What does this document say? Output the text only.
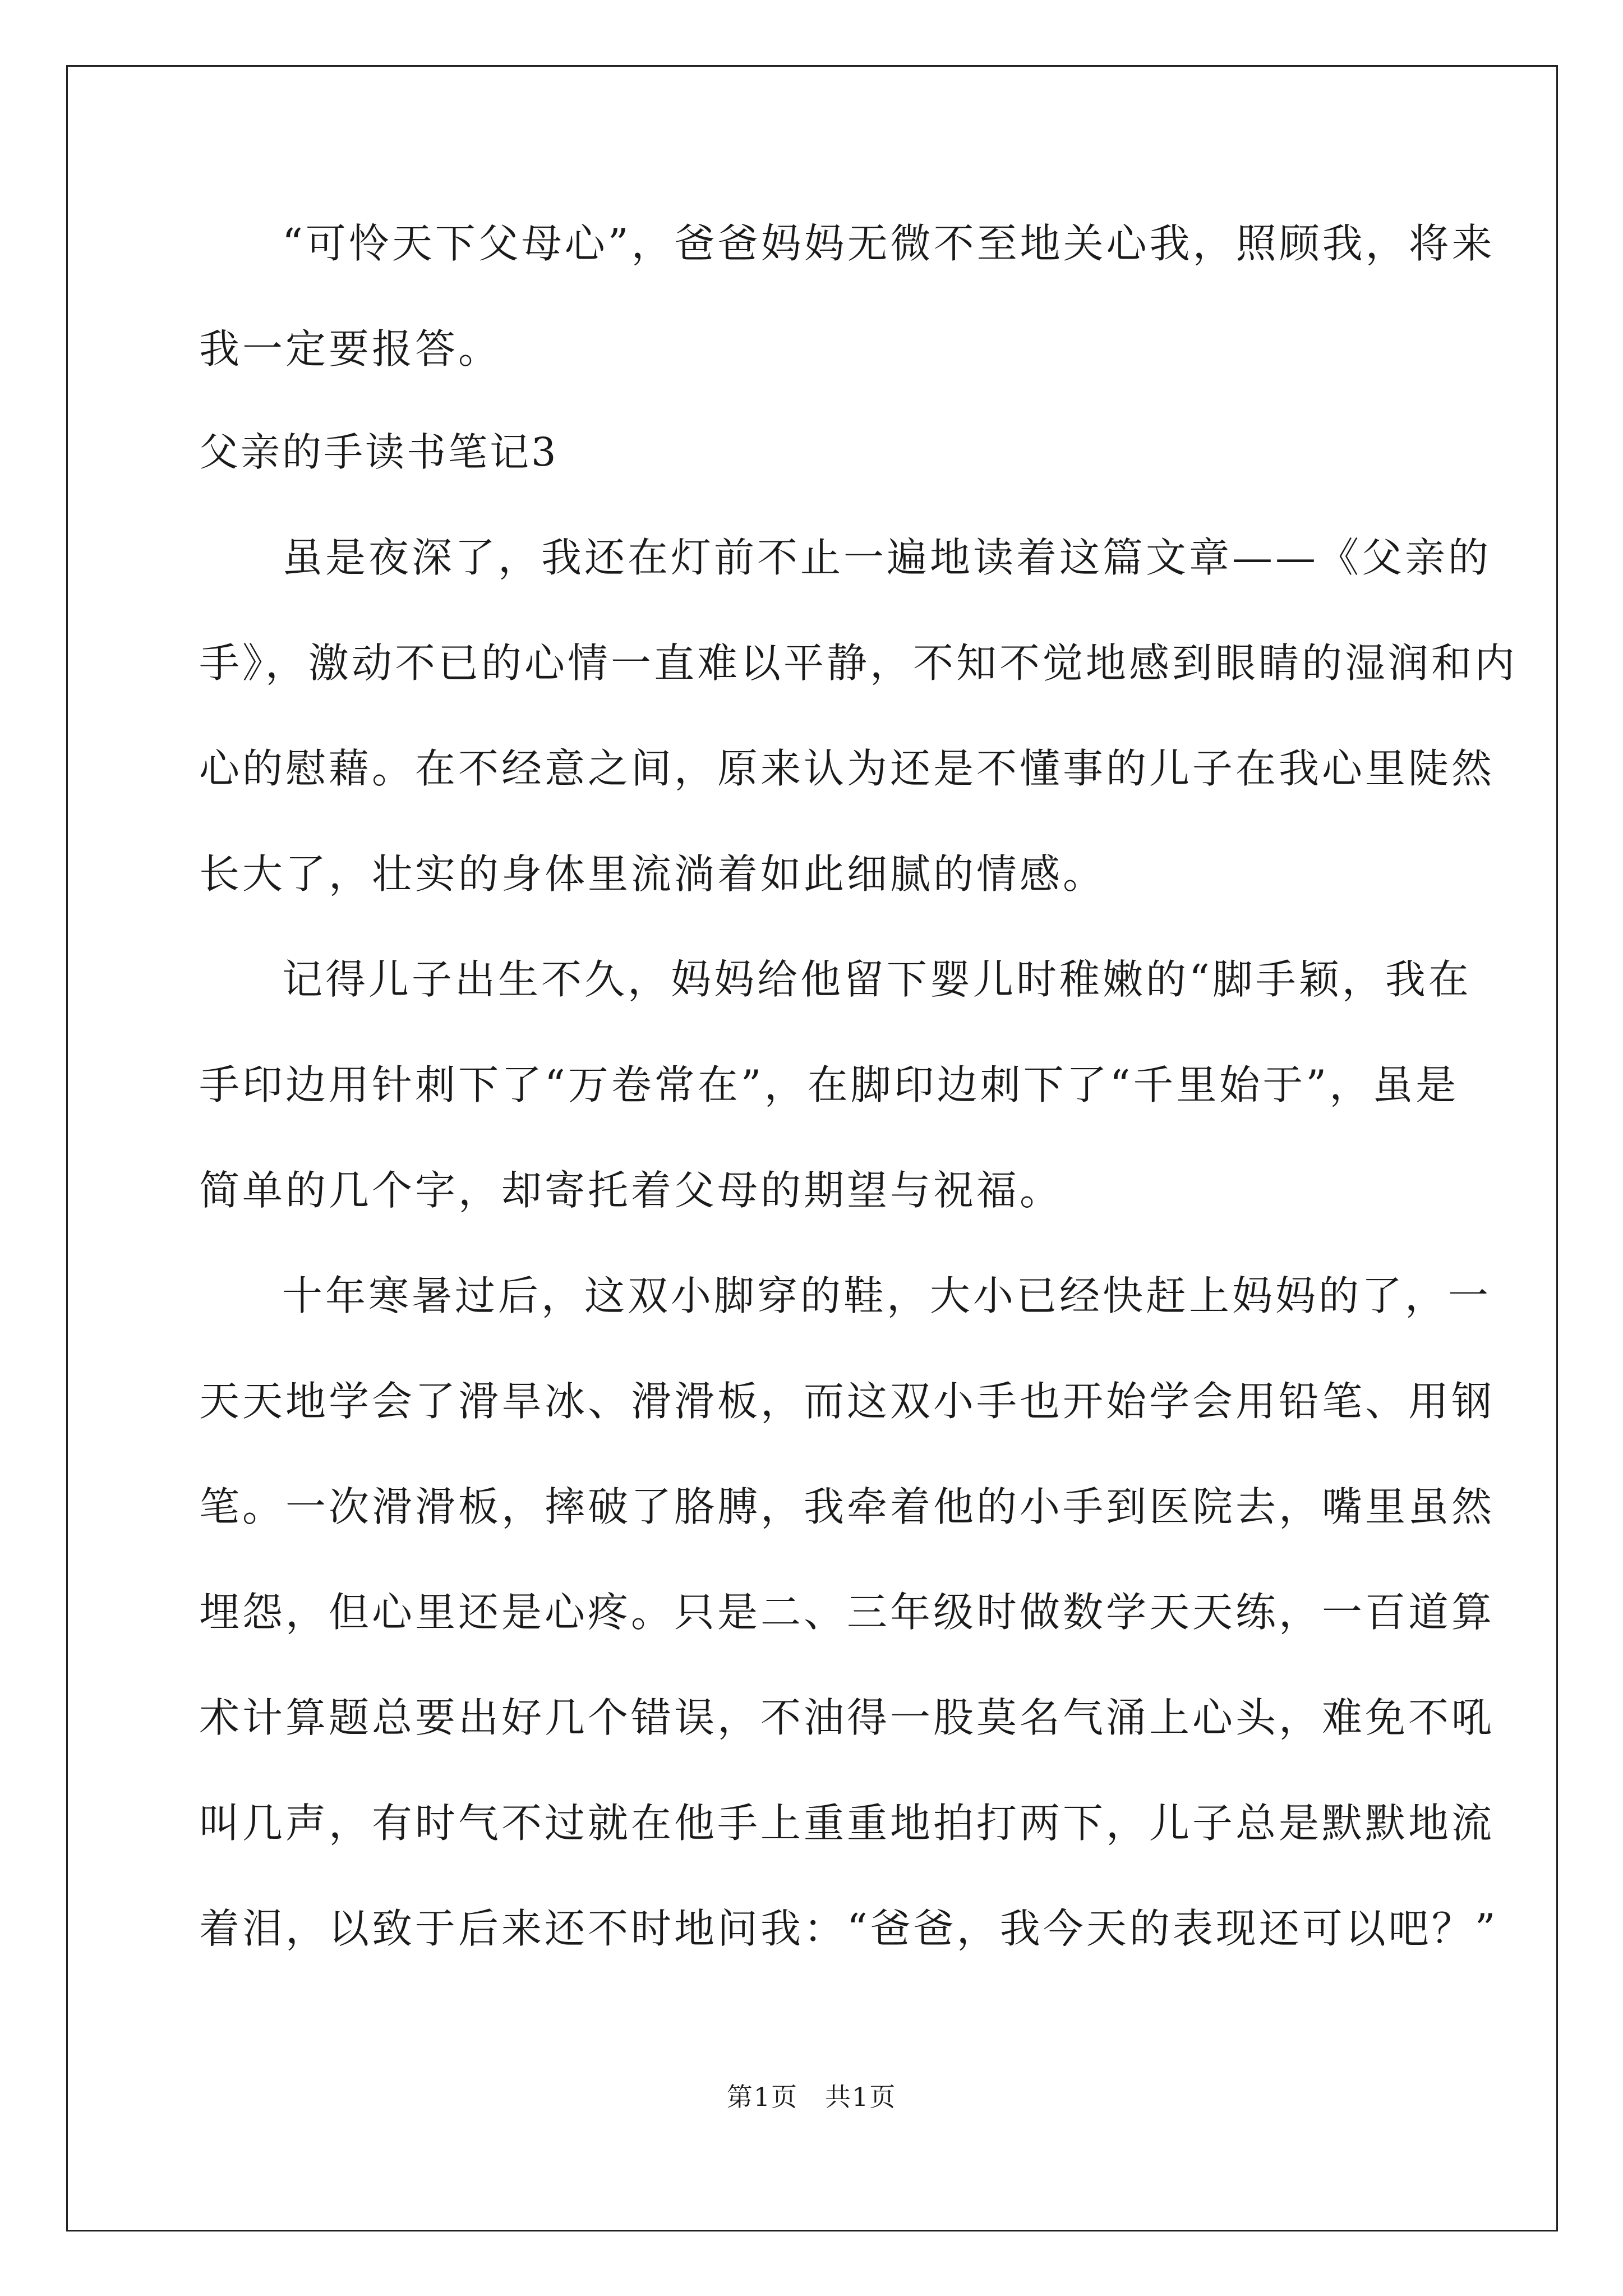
“可怜天下父母心”，爸爸妈妈无微不至地关心我，照顾我，将来
我一定要报答。
父亲的手读书笔记3
虽是夜深了，我还在灯前不止一遍地读着这篇文章——《父亲的
手》，激动不已的心情一直难以平静，不知不觉地感到眼睛的湿润和内
心的慰藉。在不经意之间，原来认为还是不懂事的儿子在我心里陡然
长大了，壮实的身体里流淌着如此细腻的情感。
记得儿子出生不久，妈妈给他留下婴儿时稚嫩的“脚手颖，我在
手印边用针刺下了“万卷常在”，在脚印边刺下了“千里始于”，虽是
简单的几个字，却寄托着父母的期望与祝福。
十年寒暑过后，这双小脚穿的鞋，大小已经快赶上妈妈的了，一
天天地学会了滑旱冰、滑滑板，而这双小手也开始学会用铅笔、用钢
笔。一次滑滑板，摔破了胳膊，我牵着他的小手到医院去，嘴里虽然
埋怨，但心里还是心疼。只是二、三年级时做数学天天练，一百道算
术计算题总要出好几个错误，不油得一股莫名气涌上心头，难免不吼
叫几声，有时气不过就在他手上重重地拍打两下，儿子总是默默地流
着泪，以致于后来还不时地问我：“爸爸，我今天的表现还可以吧？”
第1页　共1页
